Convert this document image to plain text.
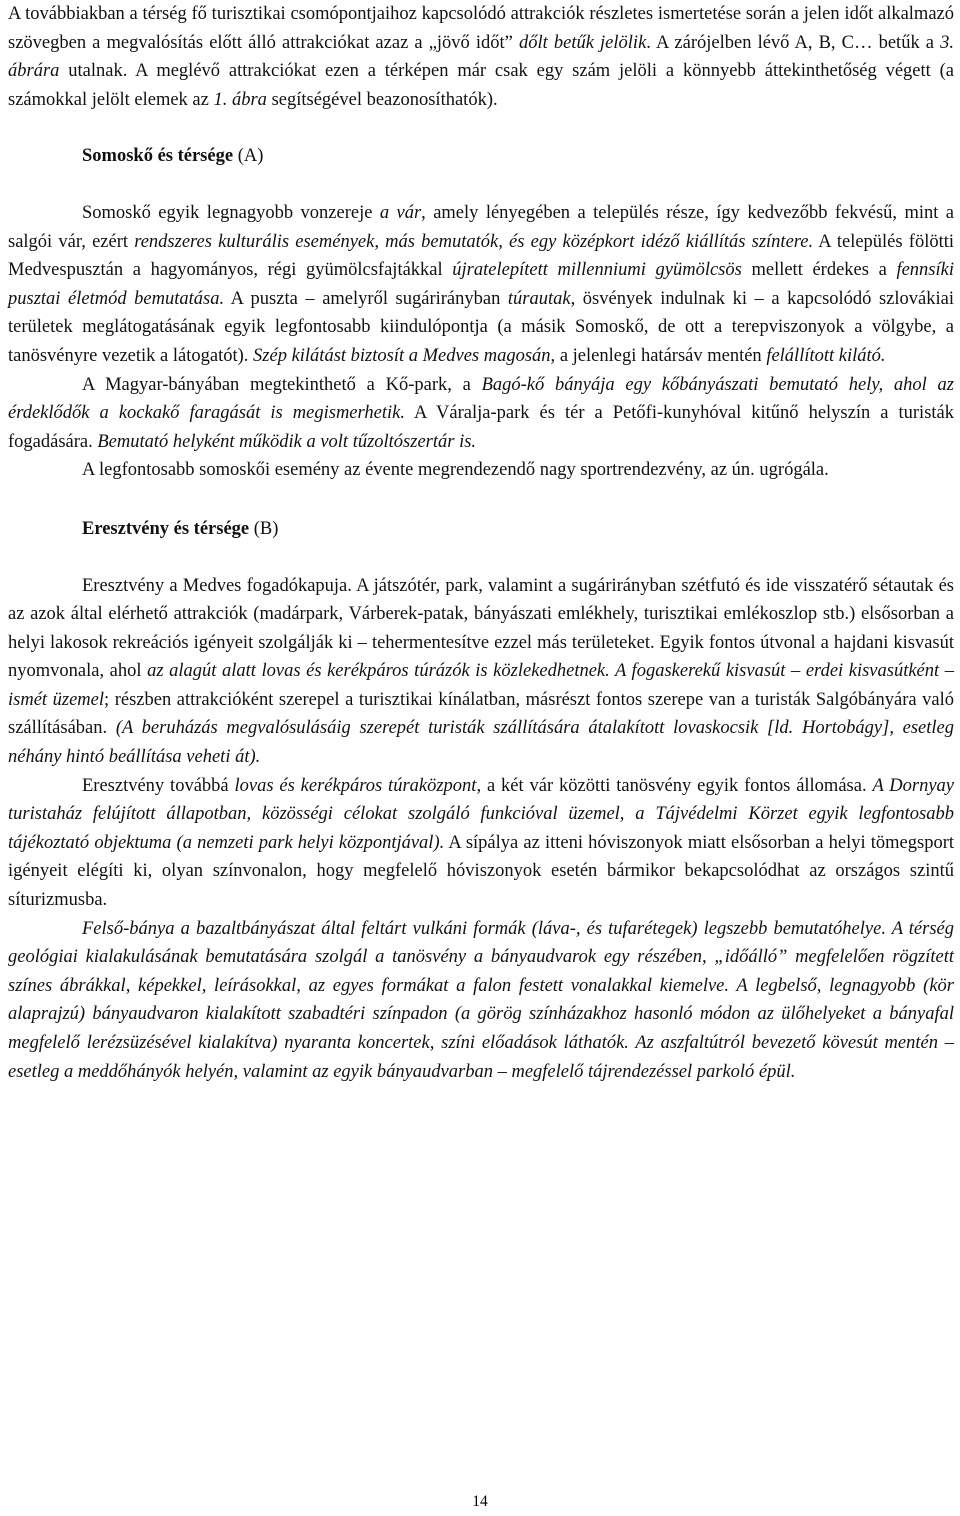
A továbbiakban a térség fő turisztikai csomópontjaihoz kapcsolódó attrakciók részletes ismertetése során a jelen időt alkalmazó szövegben a megvalósítás előtt álló attrakciókat azaz a „jövő időt” dőlt betűk jelölik. A zárójelben lévő A, B, C… betűk a 3. ábrára utalnak. A meglévő attrakciókat ezen a térképen már csak egy szám jelöli a könnyebb áttekinthetőség végett (a számokkal jelölt elemek az 1. ábra segítségével beazonosíthatók).

Somoskő és térsége (A)

Somoskő egyik legnagyobb vonzereje a vár, amely lényegében a település része, így kedvezőbb fekvésű, mint a salgói vár, ezért rendszeres kulturális események, más bemutatók, és egy középkort idéző kiállítás színtere. A település fölötti Medvespusztán a hagyományos, régi gyümölcsfajtákkal újratelepített millenniumi gyümölcsös mellett érdekes a fennsíki pusztai életmód bemutatása. A puszta – amelyről sugárirányban túrautak, ösvények indulnak ki – a kapcsolódó szlovákiai területek meglátogatásának egyik legfontosabb kiindulópontja (a másik Somoskő, de ott a terepviszonyok a völgybe, a tanösvényre vezetik a látogatót). Szép kilátást biztosít a Medves magosán, a jelenlegi határsáv mentén felállított kilátó.

A Magyar-bányában megtekinthető a Kő-park, a Bagó-kő bányája egy kőbányászati bemutató hely, ahol az érdeklődők a kockakő faragását is megismerhetik. A Váralja-park és tér a Petőfi-kunyhóval kitűnő helyszín a turisták fogadására. Bemutató helyként működik a volt tűzoltószertár is.

A legfontosabb somoskői esemény az évente megrendezendő nagy sportrendezvény, az ún. ugrógála.

Eresztvény és térsége (B)

Eresztvény a Medves fogadókapuja. A játszótér, park, valamint a sugárirányban szétfutó és ide visszatérő sétautak és az azok által elérhető attrakciók (madárpark, Várberek-patak, bányászati emlékhely, turisztikai emlékoszlop stb.) elsősorban a helyi lakosok rekreációs igényeit szolgálják ki – tehermentesítve ezzel más területeket. Egyik fontos útvonal a hajdani kisvasút nyomvonala, ahol az alagút alatt lovas és kerékpáros túrázók is közlekedhetnek. A fogaskerekű kisvasút – erdei kisvasútként – ismét üzemel; részben attrakcióként szerepel a turisztikai kínálatban, másrészt fontos szerepe van a turisták Salgóbányára való szállításában. (A beruházás megvalósulásáig szerepét turisták szállítására átalakított lovaskocsik [ld. Hortobágy], esetleg néhány hintó beállítása veheti át).

Eresztvény továbbá lovas és kerékpáros túraközpont, a két vár közötti tanösvény egyik fontos állomása. A Dornyay turistaház felújított állapotban, közösségi célokat szolgáló funkcióval üzemel, a Tájvédelmi Körzet egyik legfontosabb tájékoztató objektuma (a nemzeti park helyi központjával). A sípálya az itteni hóviszonyok miatt elsősorban a helyi tömegsport igényeit elégíti ki, olyan színvonalon, hogy megfelelő hóviszonyok esetén bármikor bekapcsolódhat az országos szintű síturizmusba.

Felső-bánya a bazaltbányászat által feltárt vulkáni formák (láva-, és tufarétegek) legszebb bemutatóhelye. A térség geológiai kialakulásának bemutatására szolgál a tanösvény a bányaudvarok egy részében, „időálló” megfelelően rögzített színes ábrákkal, képekkel, leírásokkal, az egyes formákat a falon festett vonalakkal kiemelve. A legbelső, legnagyobb (kör alaprajzú) bányaudvaron kialakított szabadtéri színpadon (a görög színházakhoz hasonló módon az ülőhelyeket a bányafal megfelelő lerézsüzésével kialakítva) nyaranta koncertek, színi előadások láthatók. Az aszfaltútról bevezető kövesút mentén – esetleg a meddőhányók helyén, valamint az egyik bányaudvarban – megfelelő tájrendezéssel parkoló épül.

14
